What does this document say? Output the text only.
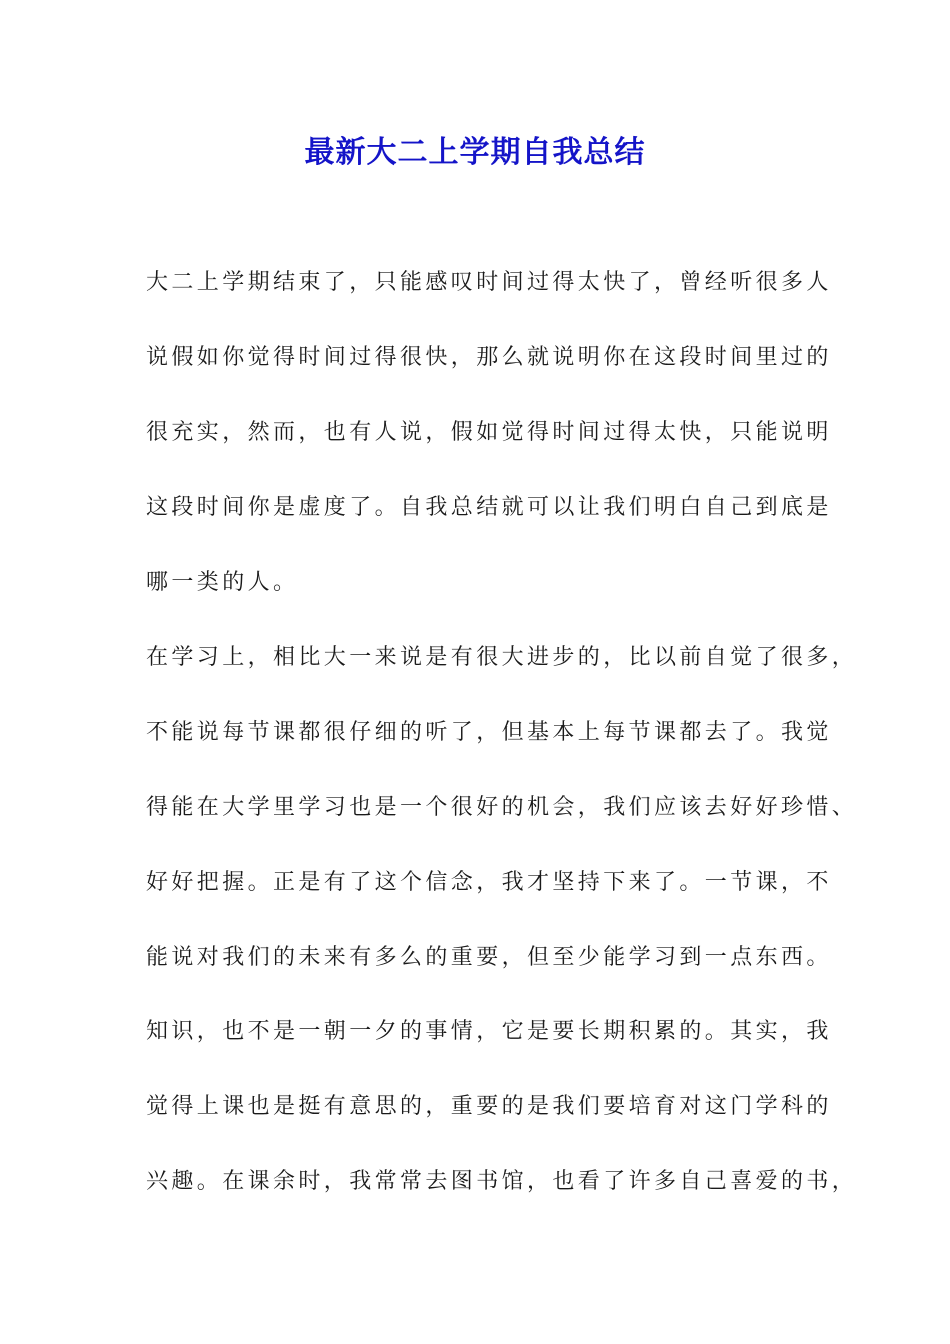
最新大二上学期自我总结
大二上学期结束了，只能感叹时间过得太快了，曾经听很多人
说假如你觉得时间过得很快，那么就说明你在这段时间里过的
很充实，然而，也有人说，假如觉得时间过得太快，只能说明
这段时间你是虚度了。自我总结就可以让我们明白自己到底是
哪一类的人。
在学习上，相比大一来说是有很大进步的，比以前自觉了很多，
不能说每节课都很仔细的听了，但基本上每节课都去了。我觉
得能在大学里学习也是一个很好的机会，我们应该去好好珍惜、
好好把握。正是有了这个信念，我才坚持下来了。一节课，不
能说对我们的未来有多么的重要，但至少能学习到一点东西。
知识，也不是一朝一夕的事情，它是要长期积累的。其实，我
觉得上课也是挺有意思的，重要的是我们要培育对这门学科的
兴趣。在课余时，我常常去图书馆，也看了许多自己喜爱的书，
